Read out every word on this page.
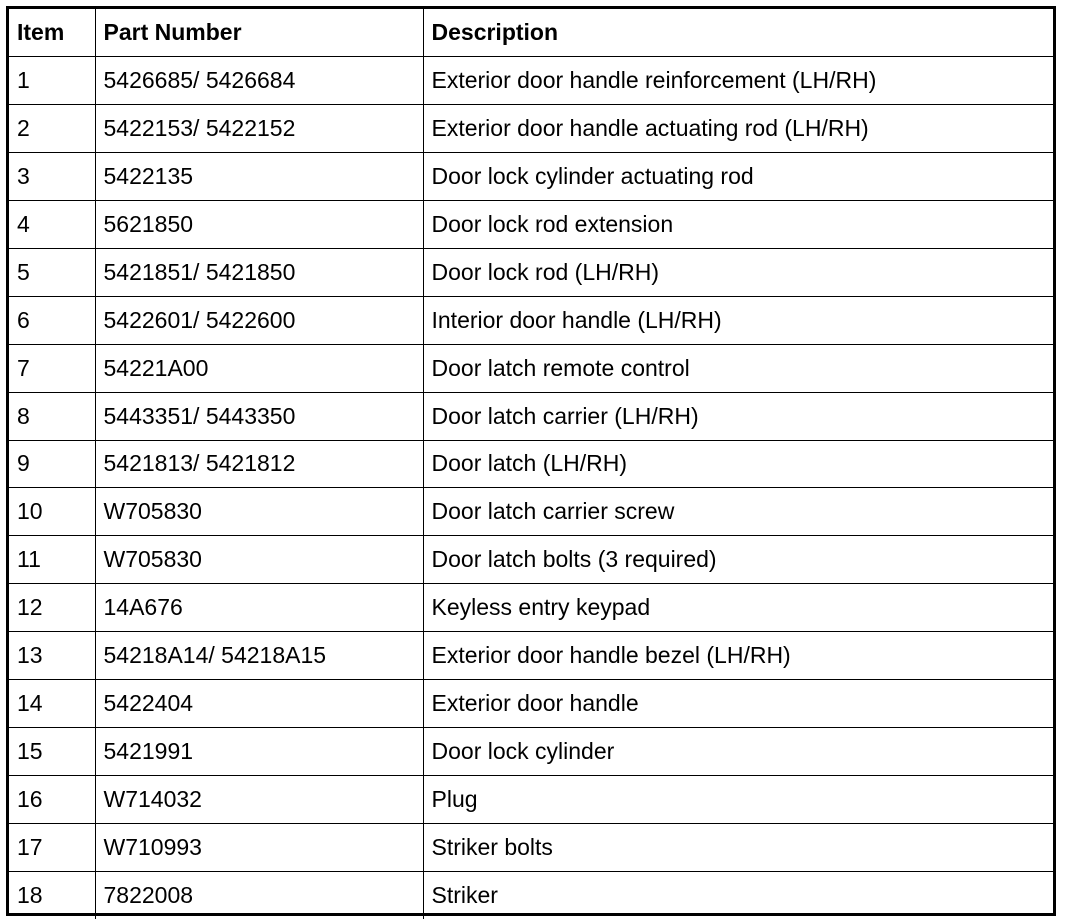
Item	Part Number	Description
1	5426685/ 5426684	Exterior door handle reinforcement (LH/RH)
2	5422153/ 5422152	Exterior door handle actuating rod (LH/RH)
3	5422135	Door lock cylinder actuating rod
4	5621850	Door lock rod extension
5	5421851/ 5421850	Door lock rod (LH/RH)
6	5422601/ 5422600	Interior door handle (LH/RH)
7	54221A00	Door latch remote control
8	5443351/ 5443350	Door latch carrier (LH/RH)
9	5421813/ 5421812	Door latch (LH/RH)
10	W705830	Door latch carrier screw
11	W705830	Door latch bolts (3 required)
12	14A676	Keyless entry keypad
13	54218A14/ 54218A15	Exterior door handle bezel (LH/RH)
14	5422404	Exterior door handle
15	5421991	Door lock cylinder
16	W714032	Plug
17	W710993	Striker bolts
18	7822008	Striker
